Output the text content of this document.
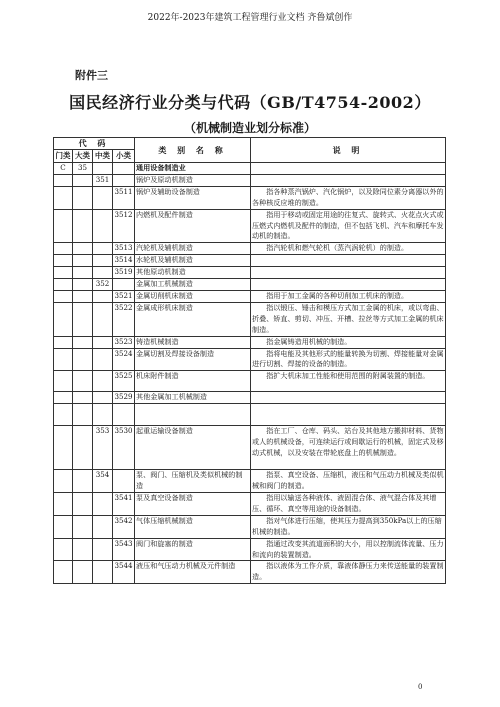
2022年-2023年建筑工程管理行业文档 齐鲁斌创作
附件三
国民经济行业分类与代码（GB/T4754-2002）
（机械制造业划分标准）
代 码				类 别 名 称	说 明
门类	大类	中类	小类		
C	35			通用设备制造业	
		351		锅炉及原动机制造	
			3511	锅炉及辅助设备制造	指各种蒸汽锅炉、汽化锅炉，以及除同位素分离器以外的各种核反应堆的制造。
			3512	内燃机及配件制造	指用于移动或固定用途的往复式、旋转式、火花点火式或压燃式内燃机及配件的制造，但不包括飞机、汽车和摩托车发动机的制造。
			3513	汽轮机及辅机制造	指汽轮机和燃气轮机（蒸汽涡轮机）的制造。
			3514	水轮机及辅机制造	
			3519	其他原动机制造	
		352		金属加工机械制造	
			3521	金属切削机床制造	指用于加工金属的各种切削加工机床的制造。
			3522	金属成形机床制造	指以锻压、锤击和模压方式加工金属的机床，或以弯曲、折叠、矫直、剪切、冲压、开槽、拉丝等方式加工金属的机床制造。
			3523	铸造机械制造	指金属铸造用机械的制造。
			3524	金属切割及焊接设备制造	指将电能及其他形式的能量转换为切割、焊接能量对金属进行切割、焊接的设备的制造。
			3525	机床附件制造	指扩大机床加工性能和使用范围的附属装置的制造。
			3529	其他金属加工机械制造	

		353	3530	起重运输设备制造	指在工厂、仓库、码头、站台及其他地方搬抑材料、货物或人的机械设备，可连续运行或间歇运行的机械，固定式及移动式机械，以及安装在带轮底盘上的机械制造。
		354		泵、阀门、压缩机及类似机械的制造	指泵、真空设备、压缩机，液压和气压动力机械及类似机械和阀门的制造。
			3541	泵及真空设备制造	指用以输送各种液体、液固混合体、液气混合体及其增压、循环、真空等用途的设备制造。
			3542	气体压缩机械制造	指对气体进行压缩，使其压力提高到350kPa以上的压缩机械的制造。
			3543	阀门和旋塞的制造	指通过改变其流道面积的大小，用以控制流体流量、压力和流向的装置制造。
			3544	液压和气压动力机械及元件制造	指以液体为工作介质，靠液体静压力来传送能量的装置制造。
0
